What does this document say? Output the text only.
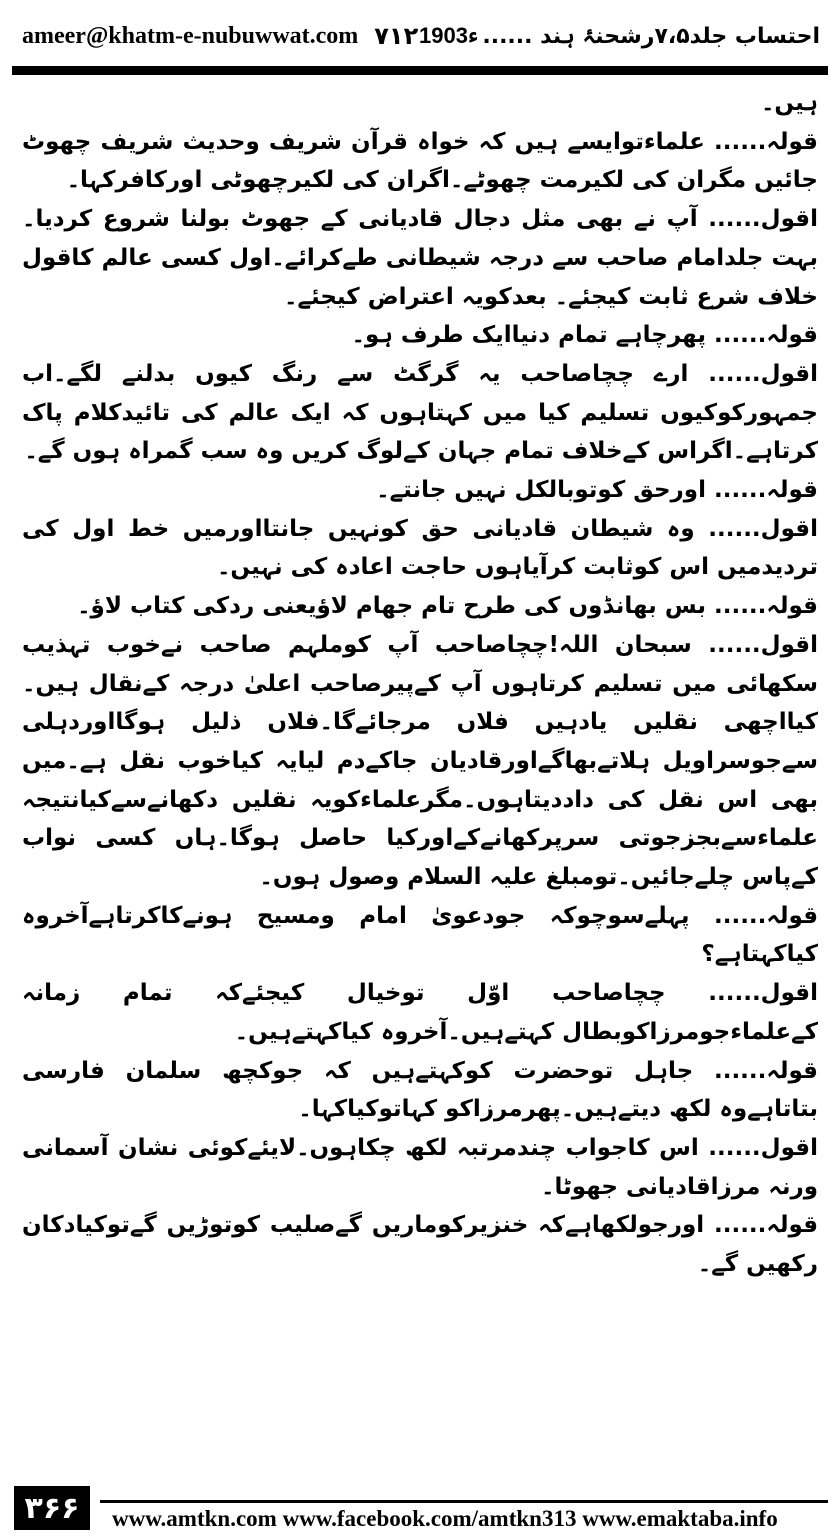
ameer@khatm-e-nubuwwat.com ۷۱۲	احتساب جلد۷،۵رشحنۂ ہند ......
1903ء

ہیں۔

قولہ...... علماءتوایسے ہیں کہ خواہ قرآن شریف وحدیث شریف چھوٹ جائیں مگران کی لکیرمت چھوٹے۔اگران کی لکیرچھوٹی اورکافرکہا۔

اقول...... آپ نے بھی مثل دجال قادیانی کے جھوٹ بولنا شروع کردیا۔بہت جلدامام صاحب سے درجہ شیطانی طےکرائے۔اول کسی عالم کاقول خلاف شرع ثابت کیجئے۔ بعدکویہ اعتراض کیجئے۔

قولہ...... پھرچاہے تمام دنیاایک طرف ہو۔

اقول...... ارے چچاصاحب یہ گرگٹ سے رنگ کیوں بدلنے لگے۔اب جمہورکوکیوں تسلیم کیا میں کہتاہوں کہ ایک عالم کی تائیدکلام پاک کرتاہے۔اگراس کےخلاف تمام جہان کےلوگ کریں وہ سب گمراہ ہوں گے۔

قولہ...... اورحق کوتوبالکل نہیں جانتے۔

اقول...... وہ شیطان قادیانی حق کونہیں جانتااورمیں خط اول کی تردیدمیں اس کوثابت کرآیاہوں حاجت اعادہ کی نہیں۔

قولہ...... بس بھانڈوں کی طرح تام جھام لاؤیعنی ردکی کتاب لاؤ۔

اقول...... سبحان اللہ!چچاصاحب آپ کوملہم صاحب نےخوب تہذیب سکھائی میں تسلیم کرتاہوں آپ کےپیرصاحب اعلیٰ درجہ کےنقال ہیں۔کیااچھی نقلیں یادہیں فلاں مرجائےگا۔فلاں ذلیل ہوگااوردہلی سےجوسراویل ہلاتےبھاگےاورقادیان جاکےدم لیایہ کیاخوب نقل ہے۔میں بھی اس نقل کی داددیتاہوں۔مگرعلماءکویہ نقلیں دکھانےسےکیانتیجہ علماءسےبجزجوتی سرپرکھانےکےاورکیا حاصل ہوگا۔ہاں کسی نواب کےپاس چلےجائیں۔تومبلغ علیہ السلام وصول ہوں۔

قولہ...... پہلےسوچوکہ جودعویٰ امام ومسیح ہونےکاکرتاہےآخروہ کیاکہتاہے؟

اقول...... چچاصاحب اوّل توخیال کیجئےکہ تمام زمانہ کےعلماءجومرزاکوبطال کہتےہیں۔آخروہ کیاکہتےہیں۔

قولہ...... جاہل توحضرت کوکہتےہیں کہ جوکچھ سلمان فارسی بتاتاہےوہ لکھ دیتےہیں۔پھرمرزاکو کہاتوکیاکہا۔

اقول...... اس کاجواب چندمرتبہ لکھ چکاہوں۔لایئےکوئی نشان آسمانی ورنہ مرزاقادیانی جھوٹا۔

قولہ...... اورجولکھاہےکہ خنزیرکوماریں گےصلیب کوتوڑیں گےتوکیادکان رکھیں گے۔

۳۶۶	www.amtkn.com www.facebook.com/amtkn313 www.emaktaba.info
